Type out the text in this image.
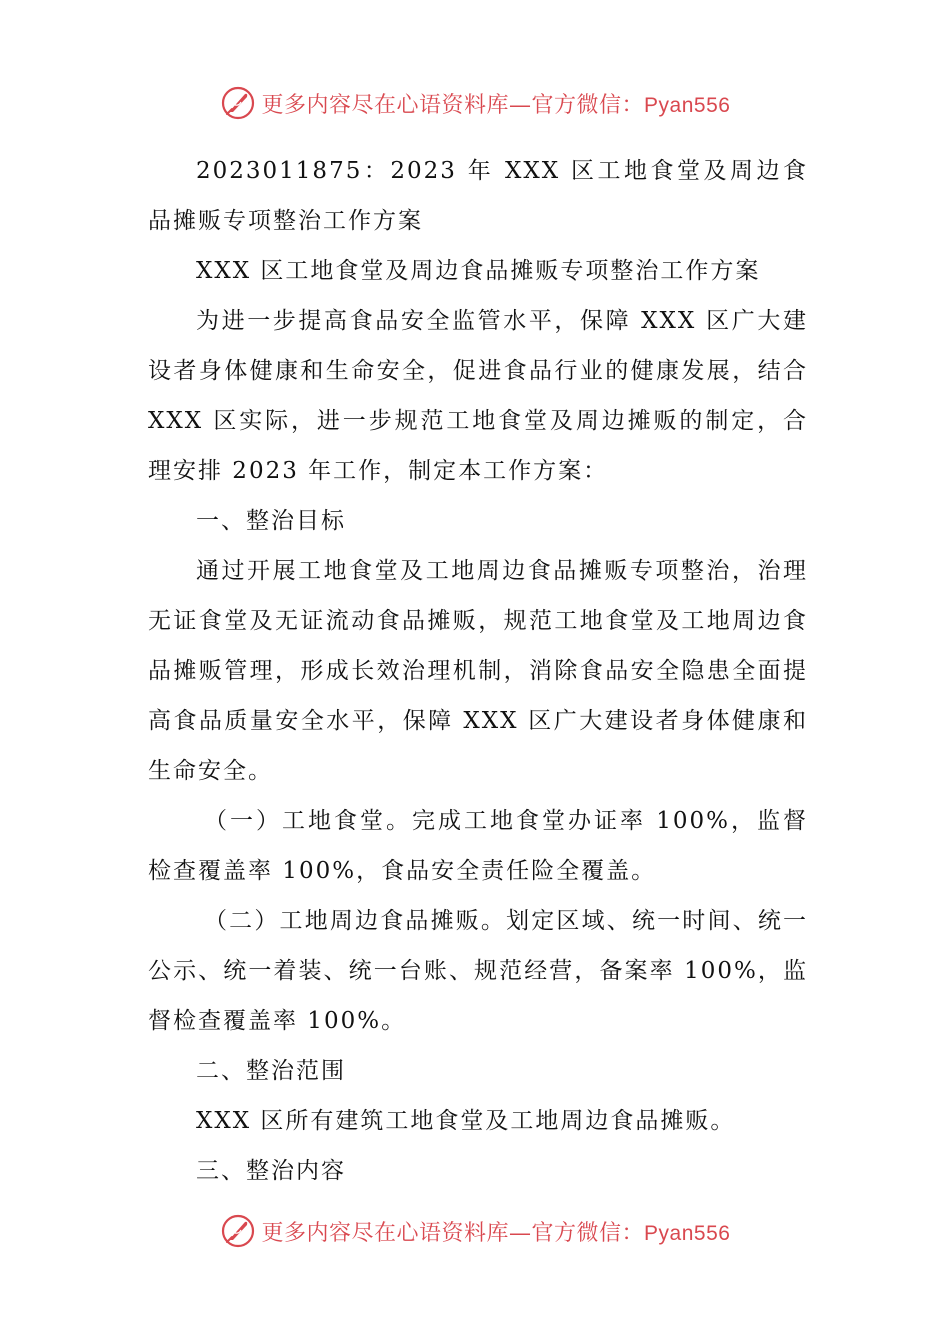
更多内容尽在心语资料库—官方微信：Pyan556

2023011875：2023 年 XXX 区工地食堂及周边食品摊贩专项整治工作方案

XXX 区工地食堂及周边食品摊贩专项整治工作方案

为进一步提高食品安全监管水平，保障 XXX 区广大建设者身体健康和生命安全，促进食品行业的健康发展，结合 XXX 区实际，进一步规范工地食堂及周边摊贩的制定，合理安排 2023 年工作，制定本工作方案：

一、整治目标

通过开展工地食堂及工地周边食品摊贩专项整治，治理无证食堂及无证流动食品摊贩，规范工地食堂及工地周边食品摊贩管理，形成长效治理机制，消除食品安全隐患全面提高食品质量安全水平，保障 XXX 区广大建设者身体健康和生命安全。

（一）工地食堂。完成工地食堂办证率 100%，监督检查覆盖率 100%，食品安全责任险全覆盖。

（二）工地周边食品摊贩。划定区域、统一时间、统一公示、统一着装、统一台账、规范经营，备案率 100%，监督检查覆盖率 100%。

二、整治范围

XXX 区所有建筑工地食堂及工地周边食品摊贩。

三、整治内容

更多内容尽在心语资料库—官方微信：Pyan556
